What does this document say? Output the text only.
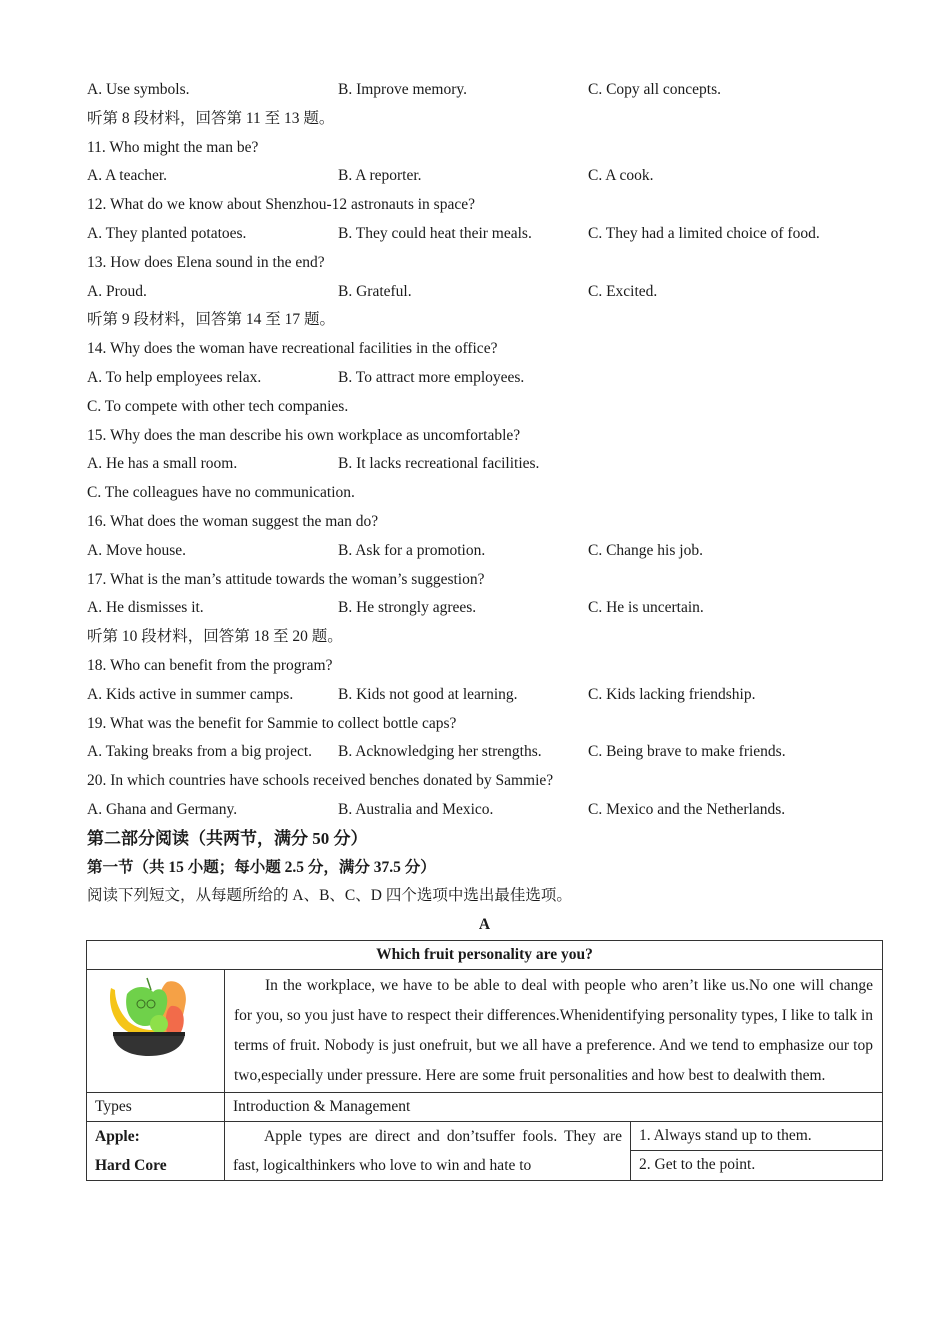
A. Use symbols.	B. Improve memory.	C. Copy all concepts.
听第 8 段材料，回答第 11 至 13 题。
11. Who might the man be?
A. A teacher.	B. A reporter.	C. A cook.
12. What do we know about Shenzhou-12 astronauts in space?
A. They planted potatoes.	B. They could heat their meals.	C. They had a limited choice of food.
13. How does Elena sound in the end?
A. Proud.	B. Grateful.	C. Excited.
听第 9 段材料，回答第 14 至 17 题。
14. Why does the woman have recreational facilities in the office?
A. To help employees relax.	B. To attract more employees.
C. To compete with other tech companies.
15. Why does the man describe his own workplace as uncomfortable?
A. He has a small room.	B. It lacks recreational facilities.
C. The colleagues have no communication.
16. What does the woman suggest the man do?
A. Move house.	B. Ask for a promotion.	C. Change his job.
17. What is the man’s attitude towards the woman’s suggestion?
A. He dismisses it.	B. He strongly agrees.	C. He is uncertain.
听第 10 段材料，回答第 18 至 20 题。
18. Who can benefit from the program?
A. Kids active in summer camps.	B. Kids not good at learning.	C. Kids lacking friendship.
19. What was the benefit for Sammie to collect bottle caps?
A. Taking breaks from a big project. B. Acknowledging her strengths.	C. Being brave to make friends.
20. In which countries have schools received benches donated by Sammie?
A. Ghana and Germany.	B. Australia and Mexico.	C. Mexico and the Netherlands.
第二部分阅读（共两节，满分 50 分）
第一节（共 15 小题；每小题 2.5 分，满分 37.5 分）
阅读下列短文，从每题所给的 A、B、C、D 四个选项中选出最佳选项。
A
Which fruit personality are you?		

In the workplace, we have to be able to deal with people who aren’t like us.No one will change for you, so you just have to respect their differences.Whenidentifying personality types, I like to talk in terms of fruit. Nobody is just onefruit, but we all have a preference. And we tend to emphasize our top two,especially under pressure. Here are some fruit personalities and how best to dealwith them.	

Types	Introduction & Management	

Apple:
Hard Core	Apple types are direct and don’tsuffer fools. They are fast, logicalthinkers who love to win and hate to	1. Always stand up to them.
		2. Get to the point.
